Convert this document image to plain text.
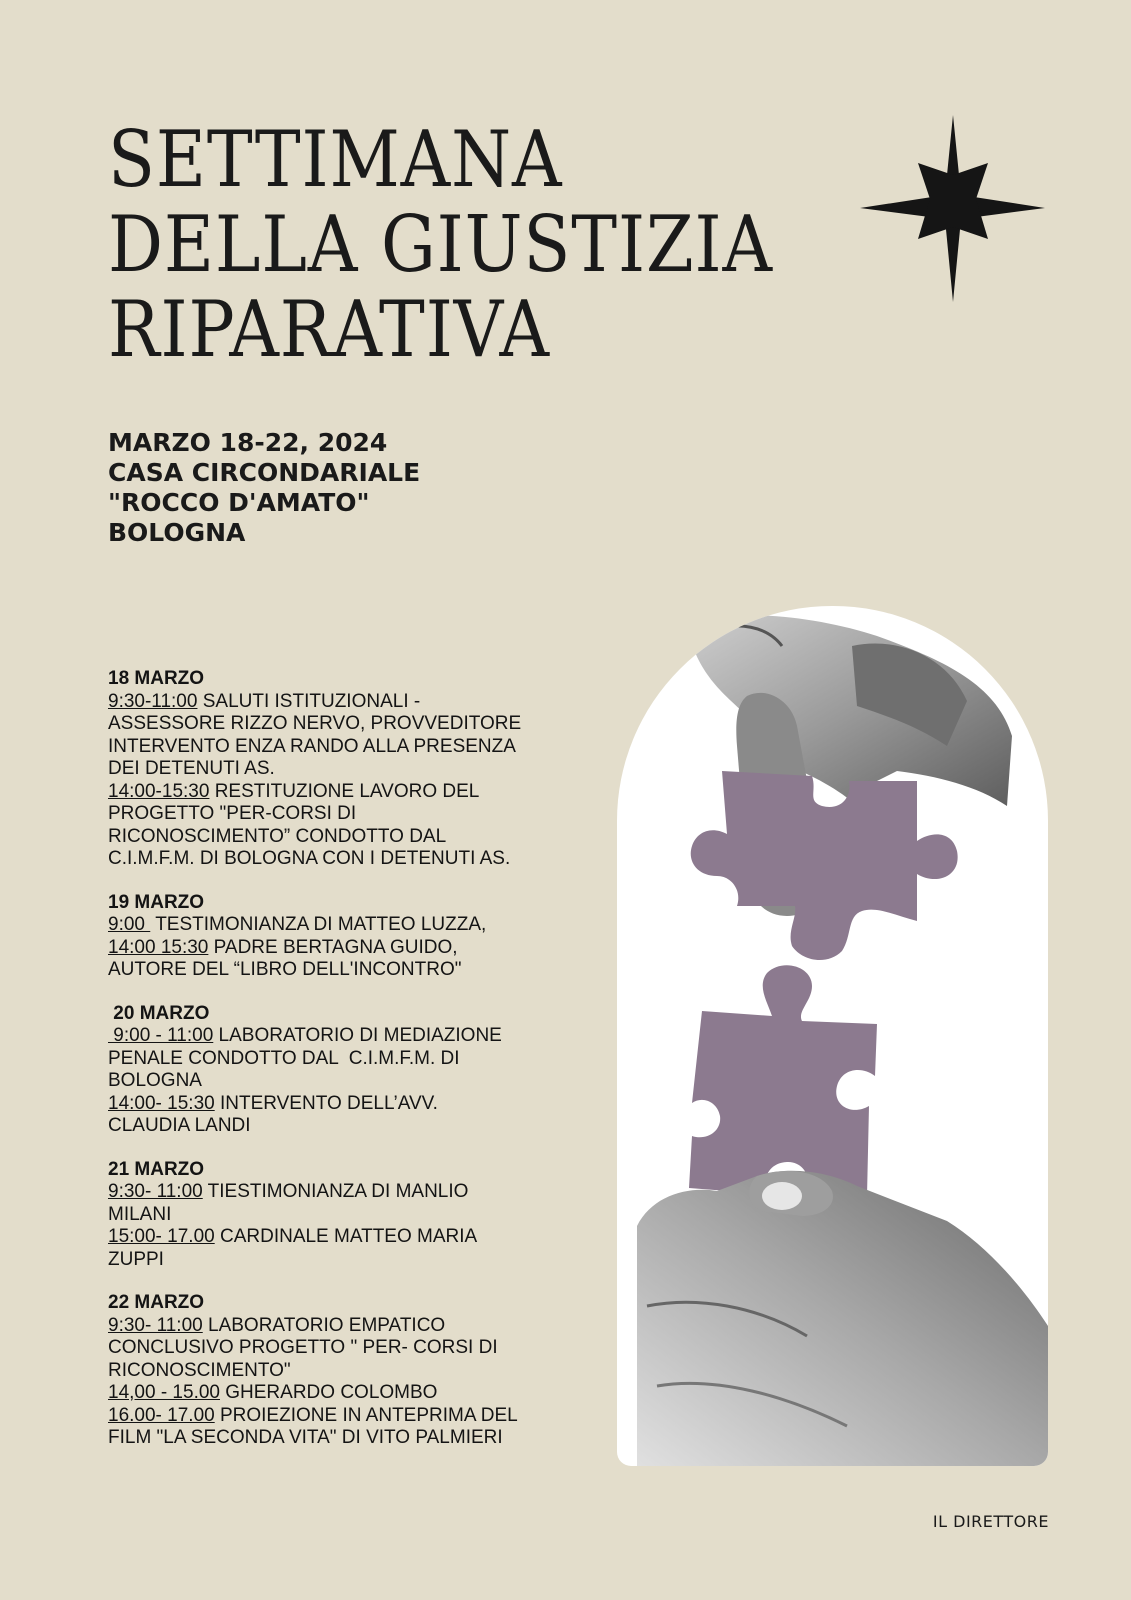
SETTIMANA
DELLA GIUSTIZIA
RIPARATIVA
MARZO 18-22, 2024
CASA CIRCONDARIALE
"ROCCO D'AMATO"
BOLOGNA
18 MARZO
9:30-11:00 SALUTI ISTITUZIONALI -
ASSESSORE RIZZO NERVO, PROVVEDITORE
INTERVENTO ENZA RANDO ALLA PRESENZA
DEI DETENUTI AS.
14:00-15:30 RESTITUZIONE LAVORO DEL
PROGETTO "PER-CORSI DI
RICONOSCIMENTO” CONDOTTO DAL
C.I.M.F.M. DI BOLOGNA CON I DETENUTI AS.
19 MARZO
9:00  TESTIMONIANZA DI MATTEO LUZZA,
14:00 15:30 PADRE BERTAGNA GUIDO,
AUTORE DEL “LIBRO DELL'INCONTRO"
20 MARZO
9:00 - 11:00 LABORATORIO DI MEDIAZIONE
PENALE CONDOTTO DAL  C.I.M.F.M. DI
BOLOGNA
14:00- 15:30 INTERVENTO DELL’AVV.
CLAUDIA LANDI
21 MARZO
9:30- 11:00 TIESTIMONIANZA DI MANLIO
MILANI
15:00- 17.00 CARDINALE MATTEO MARIA
ZUPPI
22 MARZO
9:30- 11:00 LABORATORIO EMPATICO
CONCLUSIVO PROGETTO " PER- CORSI DI
RICONOSCIMENTO"
14,00 - 15.00 GHERARDO COLOMBO
16.00- 17.00 PROIEZIONE IN ANTEPRIMA DEL
FILM "LA SECONDA VITA" DI VITO PALMIERI
IL DIRETTORE
